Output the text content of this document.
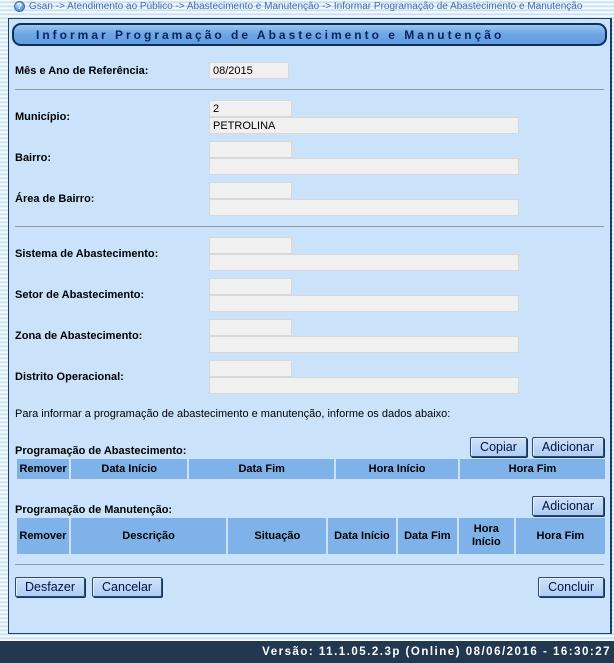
? Gsan -> Atendimento ao Público -> Abastecimento e Manutenção -> Informar Programação de Abastecimento e Manutenção
Informar Programação de Abastecimento e Manutenção
Mês e Ano de Referência:
08/2015
Município:
2
PETROLINA
Bairro:
Área de Bairro:
Sistema de Abastecimento:
Setor de Abastecimento:
Zona de Abastecimento:
Distrito Operacional:

Para informar a programação de abastecimento e manutenção, informe os dados abaixo:

Programação de Abastecimento:	Copiar	Adicionar
Remover	Data Início	Data Fim	Hora Início	Hora Fim
Programação de Manutenção:	Adicionar
Remover	Descrição	Situação	Data Início	Data Fim	Hora Início	Hora Fim
Desfazer	Cancelar	Concluir
Versão: 11.1.05.2.3p (Online) 08/06/2016 - 16:30:27
